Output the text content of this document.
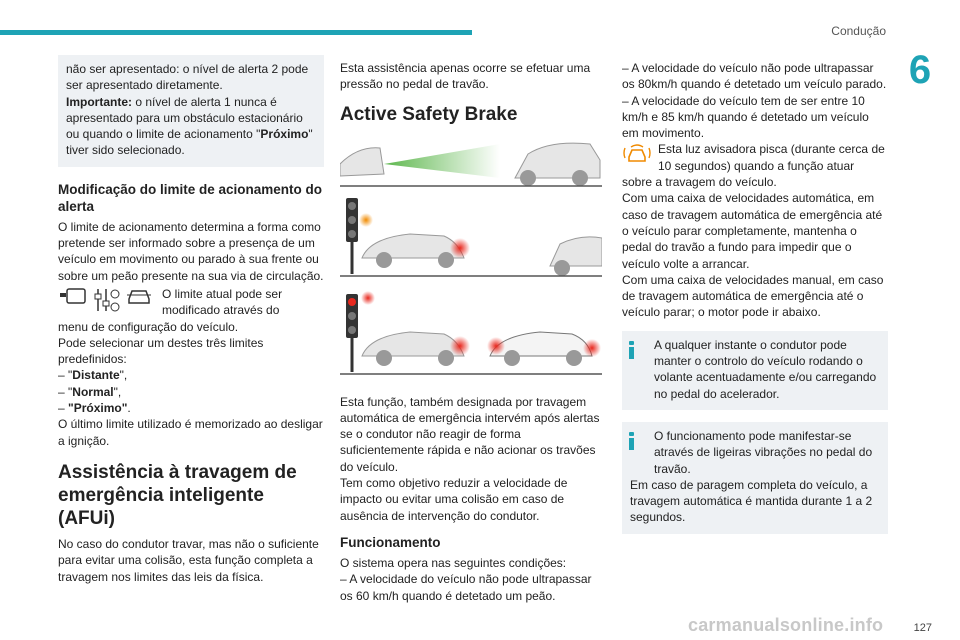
Condução
6

não ser apresentado: o nível de alerta 2 pode ser apresentado diretamente.

Importante: o nível de alerta 1 nunca é apresentado para um obstáculo estacionário ou quando o limite de acionamento "Próximo" tiver sido selecionado.

Modificação do limite de acionamento do alerta

O limite de acionamento determina a forma como pretende ser informado sobre a presença de um veículo em movimento ou parado à sua frente ou sobre um peão presente na sua via de circulação.

O limite atual pode ser modificado através do

menu de configuração do veículo.

Pode selecionar um destes três limites predefinidos:

– "Distante",

– "Normal",

– "Próximo".

O último limite utilizado é memorizado ao desligar a ignição.

Assistência à travagem de emergência inteligente (AFUi)

No caso do condutor travar, mas não o suficiente para evitar uma colisão, esta função completa a travagem nos limites das leis da física.

Esta assistência apenas ocorre se efetuar uma pressão no pedal de travão.

Active Safety Brake

Esta função, também designada por travagem automática de emergência intervém após alertas se o condutor não reagir de forma suficientemente rápida e não acionar os travões do veículo.

Tem como objetivo reduzir a velocidade de impacto ou evitar uma colisão em caso de ausência de intervenção do condutor.

Funcionamento

O sistema opera nas seguintes condições:

– A velocidade do veículo não pode ultrapassar os 60 km/h quando é detetado um peão.

– A velocidade do veículo não pode ultrapassar os 80km/h quando é detetado um veículo parado.

– A velocidade do veículo tem de ser entre 10 km/h e 85 km/h quando é detetado um veículo em movimento.

Esta luz avisadora pisca (durante cerca de 10 segundos) quando a função atuar

sobre a travagem do veículo.

Com uma caixa de velocidades automática, em caso de travagem automática de emergência até o veículo parar completamente, mantenha o pedal do travão a fundo para impedir que o veículo volte a arrancar.

Com uma caixa de velocidades manual, em caso de travagem automática de emergência até o veículo parar; o motor pode ir abaixo.

A qualquer instante o condutor pode manter o controlo do veículo rodando o volante acentuadamente e/ou carregando no pedal do acelerador.

O funcionamento pode manifestar-se através de ligeiras vibrações no pedal do travão.

Em caso de paragem completa do veículo, a travagem automática é mantida durante 1 a 2 segundos.

127
carmanualsonline.info
